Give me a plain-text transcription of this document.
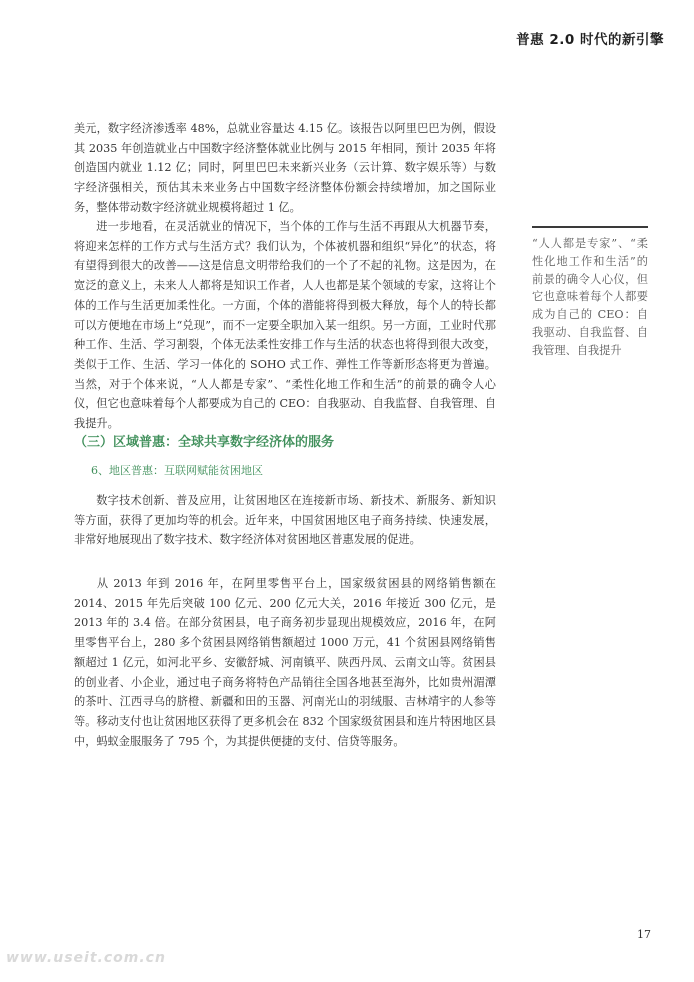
普惠 2.0 时代的新引擎
美元，数字经济渗透率 48%，总就业容量达 4.15 亿。该报告以阿里巴巴为例，假设其 2035 年创造就业占中国数字经济整体就业比例与 2015 年相同，预计 2035 年将创造国内就业 1.12 亿；同时，阿里巴巴未来新兴业务（云计算、数字娱乐等）与数字经济强相关，预估其未来业务占中国数字经济整体份额会持续增加，加之国际业务，整体带动数字经济就业规模将超过 1 亿。
进一步地看，在灵活就业的情况下，当个体的工作与生活不再跟从大机器节奏，将迎来怎样的工作方式与生活方式？我们认为，个体被机器和组织“异化”的状态，将有望得到很大的改善——这是信息文明带给我们的一个了不起的礼物。这是因为，在宽泛的意义上，未来人人都将是知识工作者，人人也都是某个领域的专家，这将让个体的工作与生活更加柔性化。一方面，个体的潜能将得到极大释放，每个人的特长都可以方便地在市场上“兑现”，而不一定要全职加入某一组织。另一方面，工业时代那种工作、生活、学习割裂，个体无法柔性安排工作与生活的状态也将得到很大改变，类似于工作、生活、学习一体化的 SOHO 式工作、弹性工作等新形态将更为普遍。当然，对于个体来说，“人人都是专家”、“柔性化地工作和生活”的前景的确令人心仪，但它也意味着每个人都要成为自己的 CEO：自我驱动、自我监督、自我管理、自我提升。
“人人都是专家”、“柔性化地工作和生活”的前景的确令人心仪，但它也意味着每个人都要成为自己的 CEO：自我驱动、自我监督、自我管理、自我提升
（三）区域普惠：全球共享数字经济体的服务
6、地区普惠：互联网赋能贫困地区
数字技术创新、普及应用，让贫困地区在连接新市场、新技术、新服务、新知识等方面，获得了更加均等的机会。近年来，中国贫困地区电子商务持续、快速发展，非常好地展现出了数字技术、数字经济体对贫困地区普惠发展的促进。
从 2013 年到 2016 年，在阿里零售平台上，国家级贫困县的网络销售额在 2014、2015 年先后突破 100 亿元、200 亿元大关，2016 年接近 300 亿元，是 2013 年的 3.4 倍。在部分贫困县，电子商务初步显现出规模效应，2016 年，在阿里零售平台上，280 多个贫困县网络销售额超过 1000 万元，41 个贫困县网络销售额超过 1 亿元，如河北平乡、安徽舒城、河南镇平、陕西丹凤、云南文山等。贫困县的创业者、小企业，通过电子商务将特色产品销往全国各地甚至海外，比如贵州湄潭的茶叶、江西寻乌的脐橙、新疆和田的玉器、河南光山的羽绒服、吉林靖宇的人参等等。移动支付也让贫困地区获得了更多机会在 832 个国家级贫困县和连片特困地区县中，蚂蚁金服服务了 795 个，为其提供便捷的支付、信贷等服务。
17
www.useit.com.cn
